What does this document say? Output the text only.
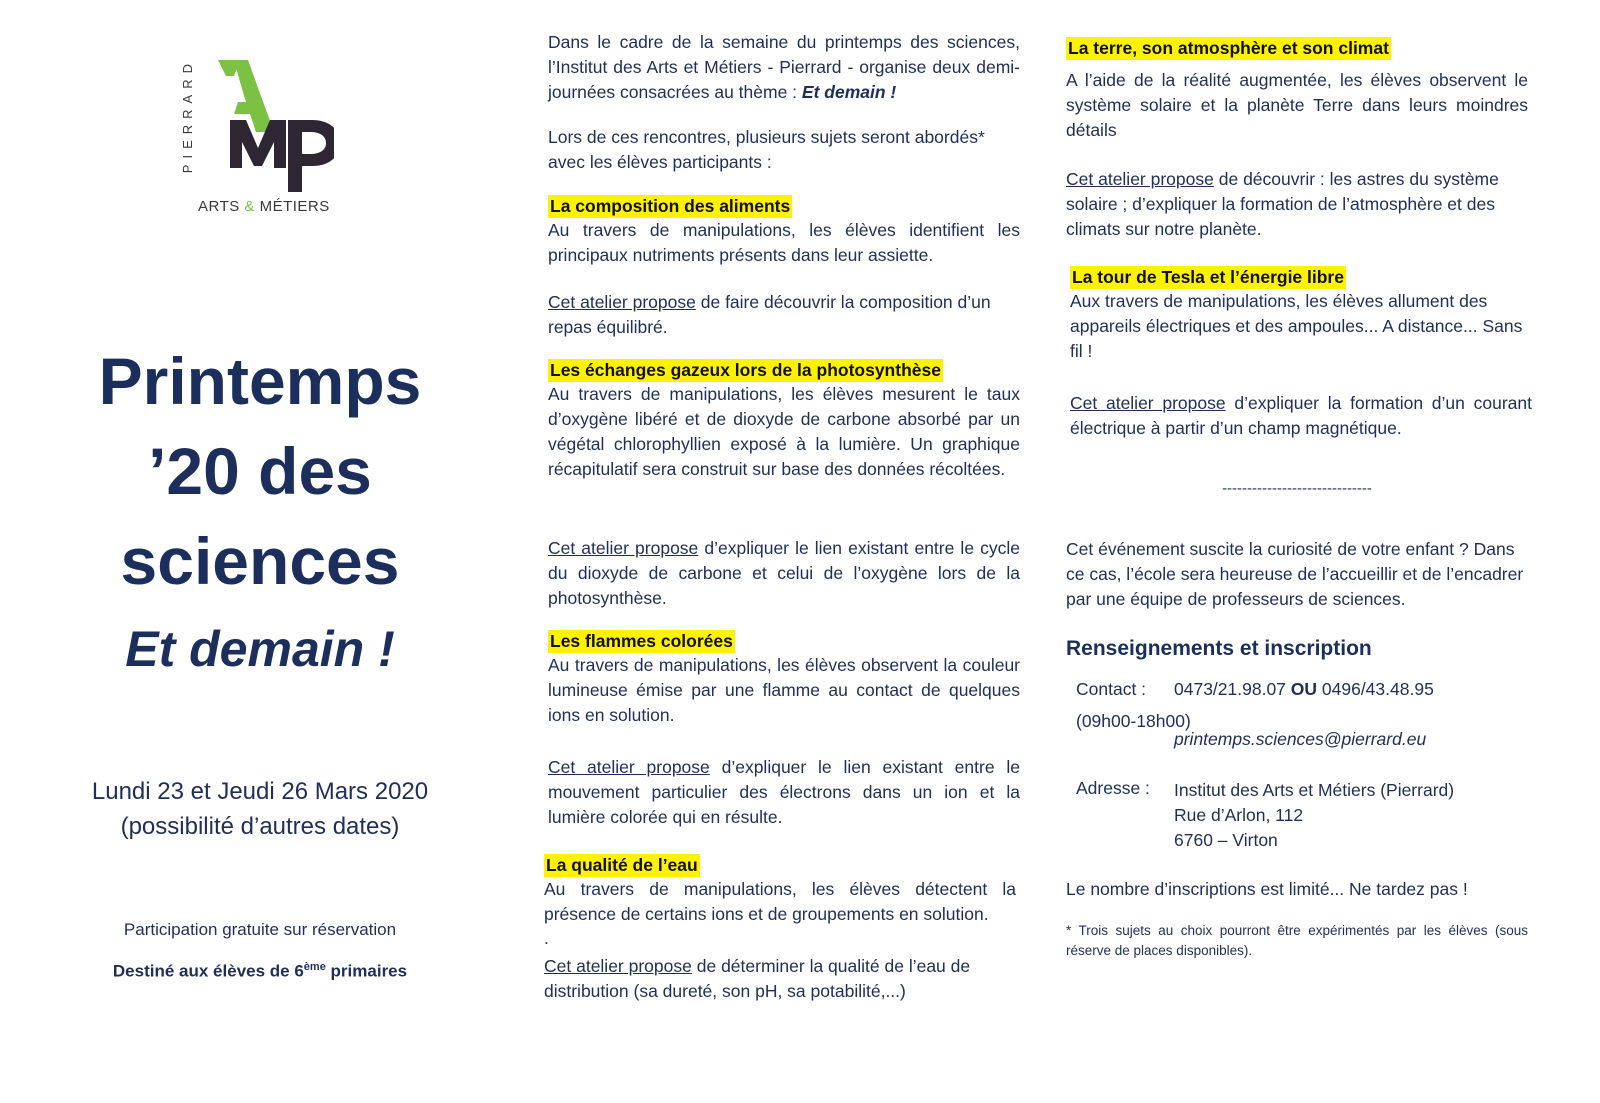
PIERRARD
ARTS & MÉTIERS
Printemps
’20 des
sciences
Et demain !
Lundi 23 et Jeudi 26 Mars 2020
(possibilité d’autres dates)
Participation gratuite sur réservation
Destiné aux élèves de 6ème primaires

Dans le cadre de la semaine du printemps des sciences, l’Institut des Arts et Métiers - Pierrard - organise deux demi-journées consacrées au thème : Et demain !

Lors de ces rencontres, plusieurs sujets seront abordés* avec les élèves participants :

La composition des aliments

Au travers de manipulations, les élèves identifient les principaux nutriments présents dans leur assiette.

Cet atelier propose de faire découvrir la composition d’un repas équilibré.

Les échanges gazeux lors de la photosynthèse

Au travers de manipulations, les élèves mesurent le taux d’oxygène libéré et de dioxyde de carbone absorbé par un végétal chlorophyllien exposé à la lumière. Un graphique récapitulatif sera construit sur base des données récoltées.

Cet atelier propose d’expliquer le lien existant entre le cycle du dioxyde de carbone et celui de l’oxygène lors de la photosynthèse.

Les flammes colorées

Au travers de manipulations, les élèves observent la couleur lumineuse émise par une flamme au contact de quelques ions en solution.

Cet atelier propose d’expliquer le lien existant entre le mouvement particulier des électrons dans un ion et la lumière colorée qui en résulte.

La qualité de l’eau

Au travers de manipulations, les élèves détectent la présence de certains ions et de groupements en solution.

.

Cet atelier propose de déterminer la qualité de l’eau de distribution (sa dureté, son pH, sa potabilité,...)

La terre, son atmosphère et son climat

A l’aide de la réalité augmentée, les élèves observent le système solaire et la planète Terre dans leurs moindres détails

Cet atelier propose de découvrir : les astres du système solaire ; d’expliquer la formation de l’atmosphère et des climats sur notre planète.

La tour de Tesla et l’énergie libre

Aux travers de manipulations, les élèves allument des appareils électriques et des ampoules... A distance... Sans fil !

Cet atelier propose d’expliquer la formation d’un courant électrique à partir d’un champ magnétique.

------------------------------

Cet événement suscite la curiosité de votre enfant ? Dans ce cas, l’école sera heureuse de l’accueillir et de l’encadrer par une équipe de professeurs de sciences.

Renseignements et inscription
Contact : 0473/21.98.07 OU 0496/43.48.95
(09h00-18h00)
printemps.sciences@pierrard.eu
Adresse : Institut des Arts et Métiers (Pierrard)
Rue d’Arlon, 112
6760 – Virton

Le nombre d’inscriptions est limité... Ne tardez pas !

* Trois sujets au choix pourront être expérimentés par les élèves (sous réserve de places disponibles).
